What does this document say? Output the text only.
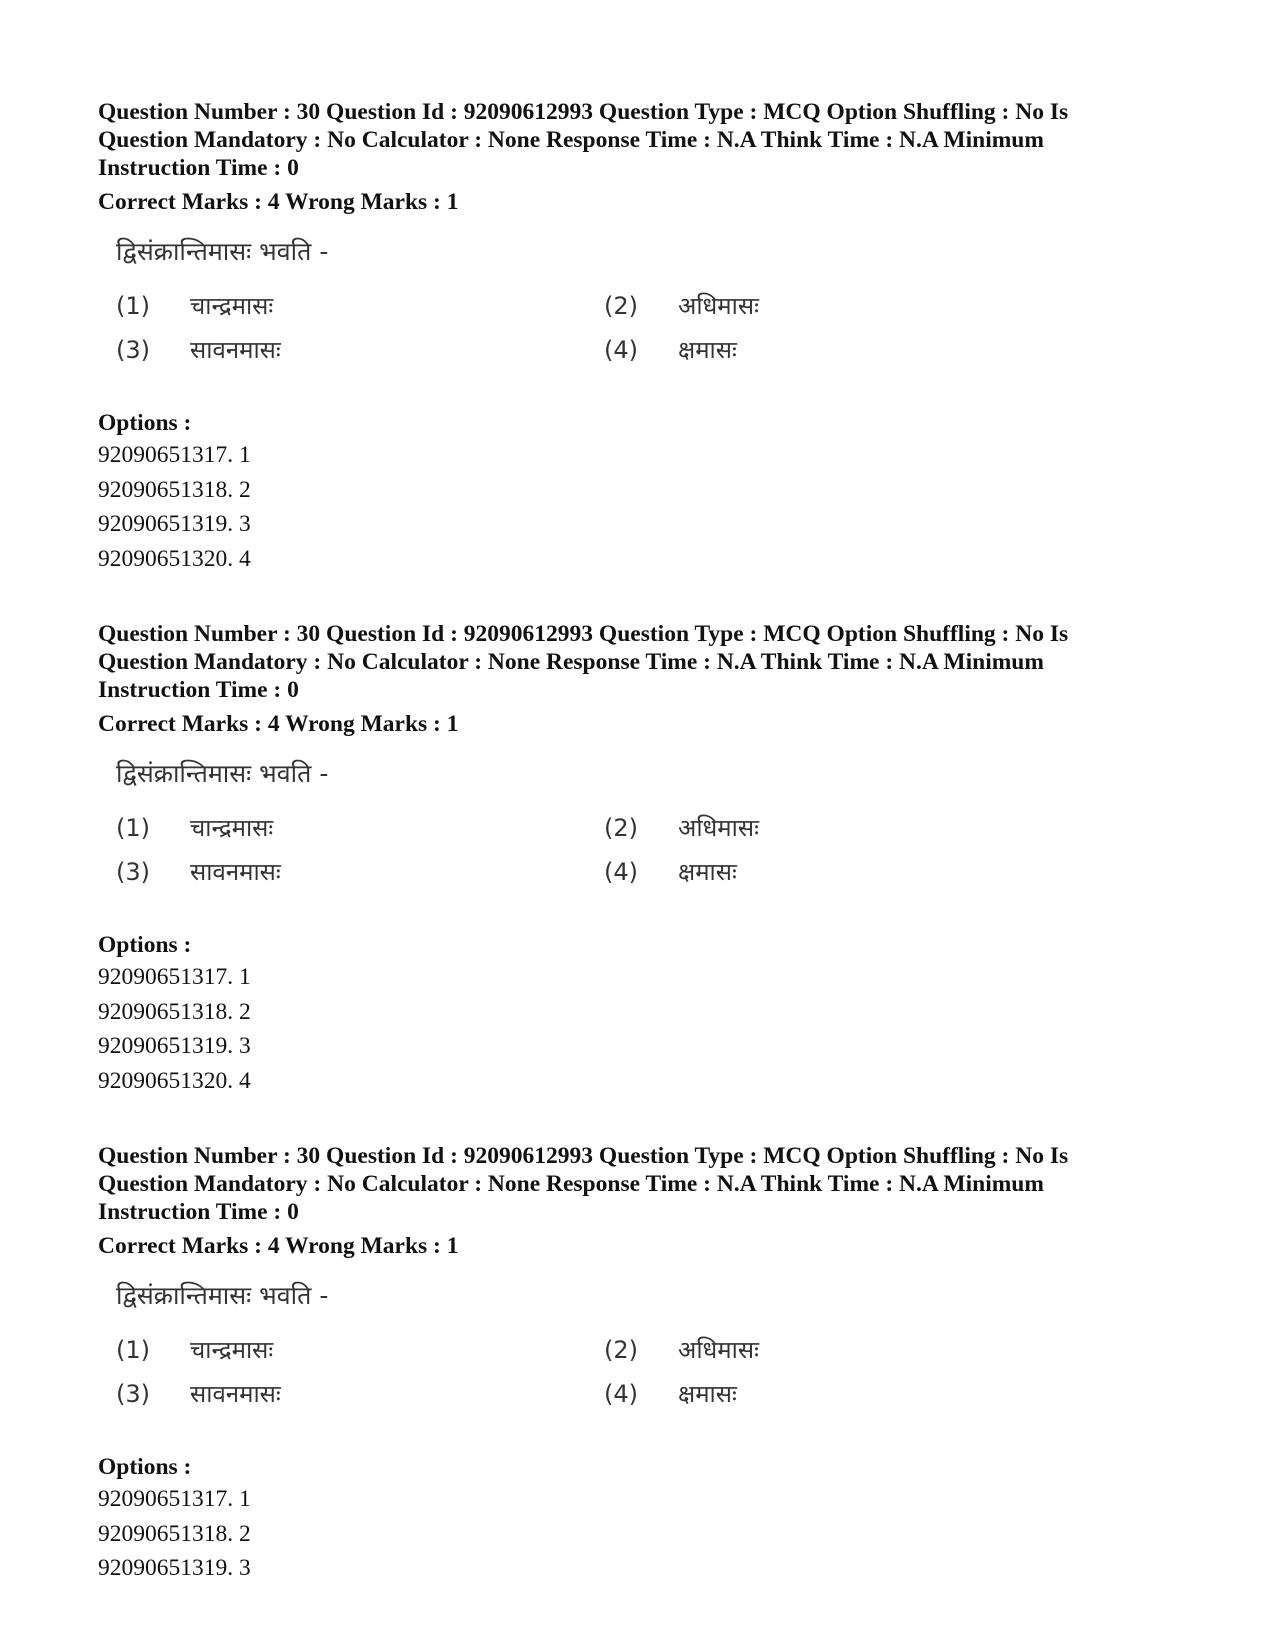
Question Number : 30 Question Id : 92090612993 Question Type : MCQ Option Shuffling : No Is
Question Mandatory : No Calculator : None Response Time : N.A Think Time : N.A Minimum
Instruction Time : 0
Correct Marks : 4 Wrong Marks : 1
द्विसंक्रान्तिमासः भवति -
(1) चान्द्रमासः	(2) अधिमासः
(3) सावनमासः	(4) क्षमासः
Options :
92090651317. 1
92090651318. 2
92090651319. 3
92090651320. 4
Question Number : 30 Question Id : 92090612993 Question Type : MCQ Option Shuffling : No Is
Question Mandatory : No Calculator : None Response Time : N.A Think Time : N.A Minimum
Instruction Time : 0
Correct Marks : 4 Wrong Marks : 1
द्विसंक्रान्तिमासः भवति -
(1) चान्द्रमासः	(2) अधिमासः
(3) सावनमासः	(4) क्षमासः
Options :
92090651317. 1
92090651318. 2
92090651319. 3
92090651320. 4
Question Number : 30 Question Id : 92090612993 Question Type : MCQ Option Shuffling : No Is
Question Mandatory : No Calculator : None Response Time : N.A Think Time : N.A Minimum
Instruction Time : 0
Correct Marks : 4 Wrong Marks : 1
द्विसंक्रान्तिमासः भवति -
(1) चान्द्रमासः	(2) अधिमासः
(3) सावनमासः	(4) क्षमासः
Options :
92090651317. 1
92090651318. 2
92090651319. 3
